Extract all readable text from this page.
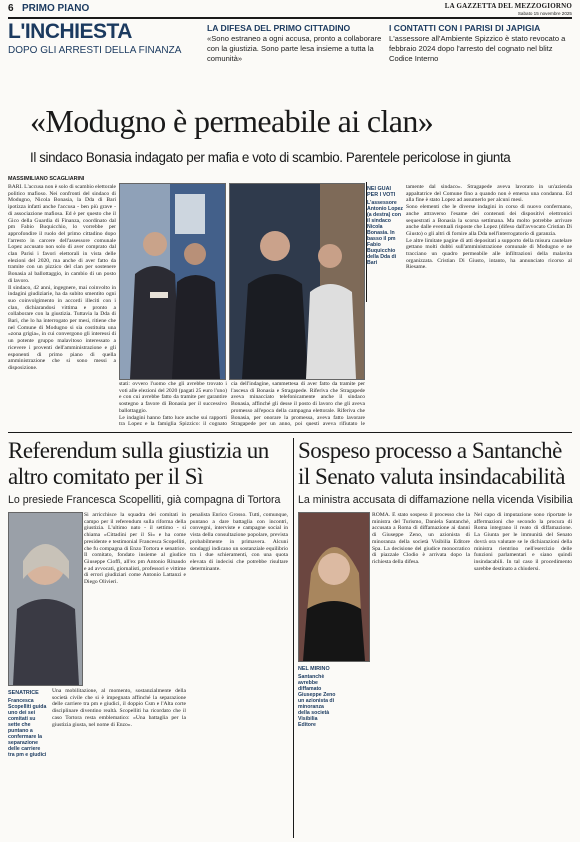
6 PRIMO PIANO	LA GAZZETTA DEL MEZZOGIORNO
Sabato 15 novembre 2025
L'INCHIESTA
DOPO GLI ARRESTI DELLA FINANZA
LA DIFESA DEL PRIMO CITTADINO
«Sono estraneo a ogni accusa, pronto a collaborare con la giustizia. Sono parte lesa insieme a tutta la comunità»
I CONTATTI CON I PARISI DI JAPIGIA
L'assessore all'Ambiente Spizzico è stato revocato a febbraio 2024 dopo l'arresto del cognato nel blitz Codice Interno
«Modugno è permeabile ai clan»
Il sindaco Bonasia indagato per mafia e voto di scambio. Parentele pericolose in giunta
MASSIMILIANO SCAGLIARINI
BARI. L'accusa non è solo di scambio elettorale politico mafioso. Nei confronti del sindaco di Modugno, Nicola Bonasia, la Dda di Bari ipotizza infatti anche l'accusa - ben più grave - di associazione mafiosa. Ed è per questo che il Gico della Guardia di Finanza, coordinato dal pm Fabio Buquicchio, lo vorrebbe per approfondire il ruolo del primo cittadino dopo l'arresto in carcere dell'assessore comunale Lopez accusato non solo di aver comprato dal clan Parisi i favori elettorali in vista delle elezioni del 2020, ma anche di aver fatto da tramite con un pizzico del clan per sostenere Bonasia al ballottaggio, in cambio di un posto di lavoro.
Il sindaco, 42 anni, ingegnere, mai coinvolto in indagini giudiziarie, ha da subito smentito ogni suo coinvolgimento in accordi illeciti con i clan, dichiarandosi vittima e pronto a collaborare con la giustizia. Tuttavia la Dda di Bari, che lo ha interrogato per mesi, ritiene che nel Comune di Modugno si sia costituita una «zona grigia», in cui convergono gli interessi di un potente gruppo malavitoso interessato a ricevere i proventi dell'amministrazione e gli esponenti di primo piano di quella amministrazione che si sono messi a disposizione.
NEI GUAI PER I VOTI
L'assessore Antonio Lopez (a destra) con il sindaco Nicola Bonasia. In basso il pm Fabio Buquicchio della Dda di Bari
stati: ovvero l'uomo che gli avrebbe trovato i voti alle elezioni del 2020 (pagati 25 euro l'uno) e con cui avrebbe fatto da tramite per garantire sostegno a favore di Bonasia per il successivo ballottaggio.
Le indagini hanno fatto luce anche sui rapporti tra Lopez e la famiglia Spizzico: il cognato
cia dell'indagine, sammettesa di aver fatto da tramite per l'ascesa di Bonasia e Stragapede. Riferiva che Stragapede aveva minacciato telefonicamente anche il sindaco Bonasia, affinché gli desse il posto di lavoro che gli aveva promesso all'epoca della campagna elettorale. Riferiva che Bonasia, per onorare la promessa, aveva fatto lavorare Stragapede per un anno, poi questi aveva rifiutato le
tamente dal sindaco». Stragapede aveva lavorato in un'azienda appaltatrice del Comune fino a quando non è emersa una condanna. Ed alla fine è stato Lopez ad assumerlo per alcuni mesi.
Sono elementi che le diverse indagini in corso di nuovo confermano, anche attraverso l'esame dei contenuti dei dispositivi elettronici sequestrati a Bonasia la scorsa settimana. Ma molto potrebbe arrivare anche dalle eventuali risposte che Lopez (difeso dall'avvocato Cristian Di Giusto) o gli altri di fornire alla Dda nell'interrogatorio di garanzia.
Le altre limitate pagine di atti depositati a supporto della misura cautelare gettano molti dubbi sull'amministrazione comunale di Modugno e ne tracciano un quadro permeabile alle infiltrazioni della malavita organizzata. Cristian Di Giusto, intanto, ha annunciato ricorso al Riesame.
Referendum sulla giustizia un altro comitato per il Sì
Lo presiede Francesca Scopelliti, già compagna di Tortora
SENATRICE
Francesca Scopelliti guida uno dei sei comitati su sette che puntano a confermare la separazione delle carriere tra pm e giudici
Si arricchisce la squadra dei comitati in campo per il referendum sulla riforma della giustizia. L'ultimo nato - il settimo - si chiama «Cittadini per il Sì» e ha come presidente e testimonial Francesca Scopelliti, che fu compagna di Enzo Tortora e senatrice. Il comitato, fondato insieme al giudice Giuseppe Cioffi, all'ex pm Antonio Rinaudo e ad avvocati, giornalisti, professori e vittime di errori giudiziari come Antonio Lattanzi e Diego Olivieri.
Una mobilitazione, al momento, sostanzialmente della società civile che si è impegnata affinché la separazione delle carriere tra pm e giudici, il doppio Csm e l'Alta corte disciplinare diventino realtà. Scopelliti ha ricordato che il caso Tortora resta emblematico: «Una battaglia per la giustizia giusta, nel nome di Enzo».
penalista Enrico Grosso. Tutti, comunque, puntano a dare battaglia con incontri, convegni, interviste e campagne social in vista della consultazione popolare, prevista probabilmente in primavera. Alcuni sondaggi indicano un sostanziale equilibrio tra i due schieramenti, con una quota elevata di indecisi che potrebbe risultare determinante.
Sospeso processo a Santanchè il Senato valuta insindacabilità
La ministra accusata di diffamazione nella vicenda Visibilia
NEL MIRINO
Santanchè avrebbe diffamato Giuseppe Zeno un azionista di minoranza della società Visibilia Editore
ROMA. È stato sospeso il processo che la ministra del Turismo, Daniela Santanchè, accusata a Roma di diffamazione ai danni di Giuseppe Zeno, un azionista di minoranza della società Visibilia Editore Spa. La decisione del giudice monocratico di piazzale Clodio è arrivata dopo la richiesta della difesa.
Nel capo di imputazione sono riportate le affermazioni che secondo la procura di Roma integrano il reato di diffamazione. La Giunta per le immunità del Senato dovrà ora valutare se le dichiarazioni della ministra rientrino nell'esercizio delle funzioni parlamentari e siano quindi insindacabili. In tal caso il procedimento sarebbe destinato a chiudersi.
